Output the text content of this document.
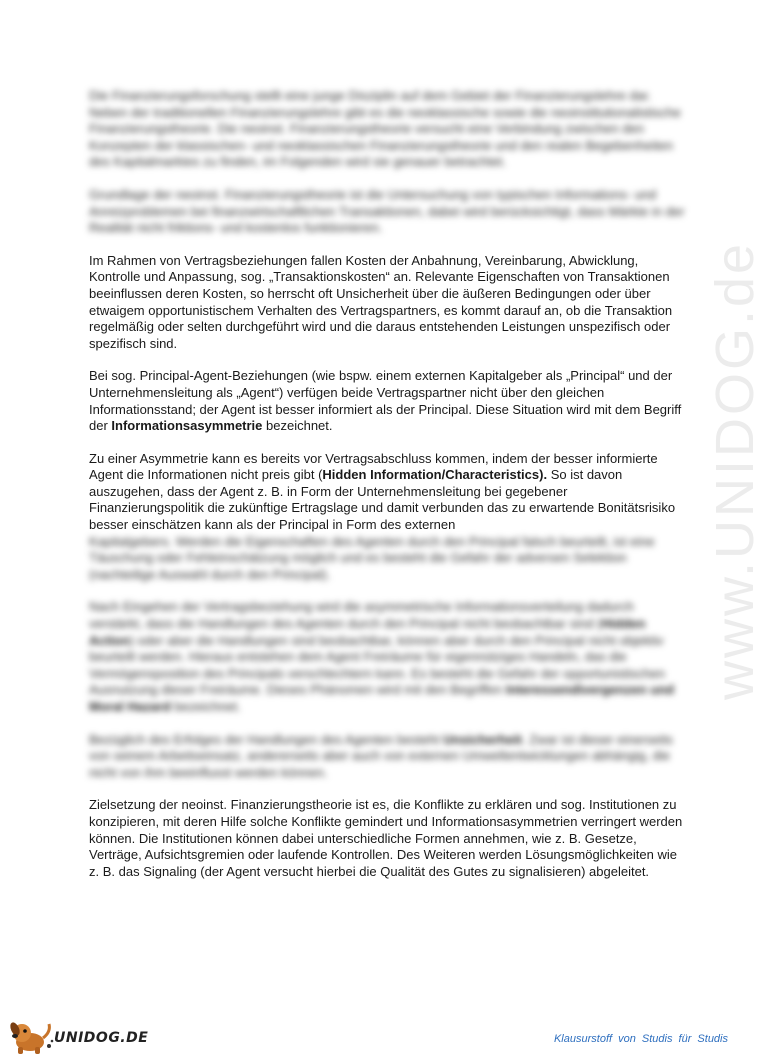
www.UNIDOG.de

Die Finanzierungsforschung stellt eine junge Disziplin auf dem Gebiet der Finanzierungslehre dar. Neben der traditionellen Finanzierungslehre gibt es die neoklassische sowie die neoinstitutionalistische Finanzierungstheorie. Die neoinst. Finanzierungstheorie versucht eine Verbindung zwischen den Konzepten der klassischen- und neoklassischen Finanzierungstheorie und den realen Begebenheiten des Kapitalmarktes zu finden, im Folgenden wird sie genauer betrachtet.

Grundlage der neoinst. Finanzierungstheorie ist die Untersuchung von typischen Informations- und Anreizproblemen bei finanzwirtschaftlichen Transaktionen, dabei wird berücksichtigt, dass Märkte in der Realität nicht friktions- und kostenlos funktionieren.

Im Rahmen von Vertragsbeziehungen fallen Kosten der Anbahnung, Vereinbarung, Abwicklung, Kontrolle und Anpassung, sog. „Transaktionskosten“ an. Relevante Eigenschaften von Transaktionen beeinflussen deren Kosten, so herrscht oft Unsicherheit über die äußeren Bedingungen oder über etwaigem opportunistischem Verhalten des Vertragspartners, es kommt darauf an, ob die Transaktion regelmäßig oder selten durchgeführt wird und die daraus entstehenden Leistungen unspezifisch oder spezifisch sind.

Bei sog. Principal-Agent-Beziehungen (wie bspw. einem externen Kapitalgeber als „Principal“ und der Unternehmensleitung als „Agent“) verfügen beide Vertragspartner nicht über den gleichen Informationsstand; der Agent ist besser informiert als der Principal. Diese Situation wird mit dem Begriff der Informationsasymmetrie bezeichnet.

Zu einer Asymmetrie kann es bereits vor Vertragsabschluss kommen, indem der besser informierte Agent die Informationen nicht preis gibt (Hidden Information/Characteristics). So ist davon auszugehen, dass der Agent z. B. in Form der Unternehmensleitung bei gegebener Finanzierungspolitik die zukünftige Ertragslage und damit verbunden das zu erwartende Bonitätsrisiko besser einschätzen kann als der Principal in Form des externen

Kapitalgebers. Werden die Eigenschaften des Agenten durch den Principal falsch beurteilt, ist eine Täuschung oder Fehleinschätzung möglich und es besteht die Gefahr der adversen Selektion (nachteilige Auswahl durch den Principal).

Nach Eingehen der Vertragsbeziehung wird die asymmetrische Informationsverteilung dadurch verstärkt, dass die Handlungen des Agenten durch den Principal nicht beobachtbar sind (Hidden Action) oder aber die Handlungen sind beobachtbar, können aber durch den Principal nicht objektiv beurteilt werden. Hieraus entstehen dem Agent Freiräume für eigennütziges Handeln, das die Vermögensposition des Principals verschlechtern kann. Es besteht die Gefahr der opportunistischen Ausnutzung dieser Freiräume. Dieses Phänomen wird mit den Begriffen Interessendivergenzen und Moral Hazard bezeichnet.

Bezüglich des Erfolges der Handlungen des Agenten besteht Unsicherheit. Zwar ist dieser einerseits von seinem Arbeitseinsatz, andererseits aber auch von externen Umweltentwicklungen abhängig, die nicht von ihm beeinflusst werden können.

Zielsetzung der neoinst. Finanzierungstheorie ist es, die Konflikte zu erklären und sog. Institutionen zu konzipieren, mit deren Hilfe solche Konflikte gemindert und Informationsasymmetrien verringert werden können. Die Institutionen können dabei unterschiedliche Formen annehmen, wie z. B. Gesetze, Verträge, Aufsichtsgremien oder laufende Kontrollen. Des Weiteren werden Lösungsmöglichkeiten wie z. B. das Signaling (der Agent versucht hierbei die Qualität des Gutes zu signalisieren) abgeleitet.

UNIDOG.DE	Klausurstoff von Studis für Studis
